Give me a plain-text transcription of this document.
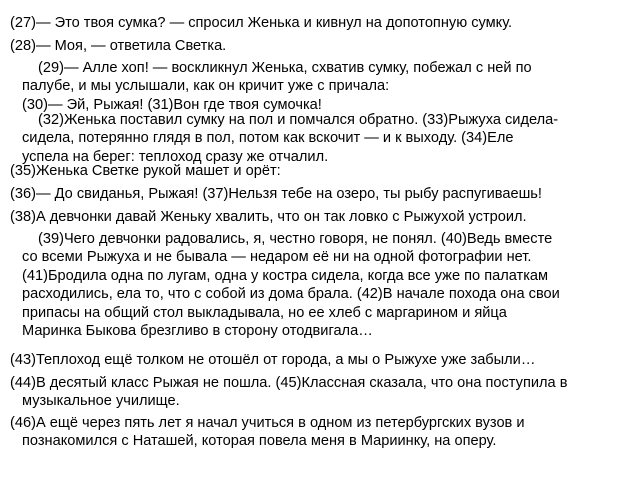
(27)— Это твоя сумка? — спросил Женька и кивнул на допотопную сумку.
(28)— Моя, — ответила Светка.
(29)— Алле хоп! — воскликнул Женька, схватив сумку, побежал с ней по
палубе, и мы услышали, как он кричит уже с причала:
(30)— Эй, Рыжая! (31)Вон где твоя сумочка!
(32)Женька поставил сумку на пол и помчался обратно. (33)Рыжуха сидела-
сидела, потерянно глядя в пол, потом как вскочит — и к выходу. (34)Еле
успела на берег: теплоход сразу же отчалил.
(35)Женька Светке рукой машет и орёт:
(36)— До свиданья, Рыжая! (37)Нельзя тебе на озеро, ты рыбу распугиваешь!
(38)А девчонки давай Женьку хвалить, что он так ловко с Рыжухой устроил.
(39)Чего девчонки радовались, я, честно говоря, не понял. (40)Ведь вместе
со всеми Рыжуха и не бывала — недаром её ни на одной фотографии нет.
(41)Бродила одна по лугам, одна у костра сидела, когда все уже по палаткам
расходились, ела то, что с собой из дома брала. (42)В начале похода она свои
припасы на общий стол выкладывала, но ее хлеб с маргарином и яйца
Маринка Быкова брезгливо в сторону отодвигала…
(43)Теплоход ещё толком не отошёл от города, а мы о Рыжухе уже забыли…
(44)В десятый класс Рыжая не пошла. (45)Классная сказала, что она поступила в
музыкальное училище.
(46)А ещё через пять лет я начал учиться в одном из петербургских вузов и
познакомился с Наташей, которая повела меня в Мариинку, на оперу.
